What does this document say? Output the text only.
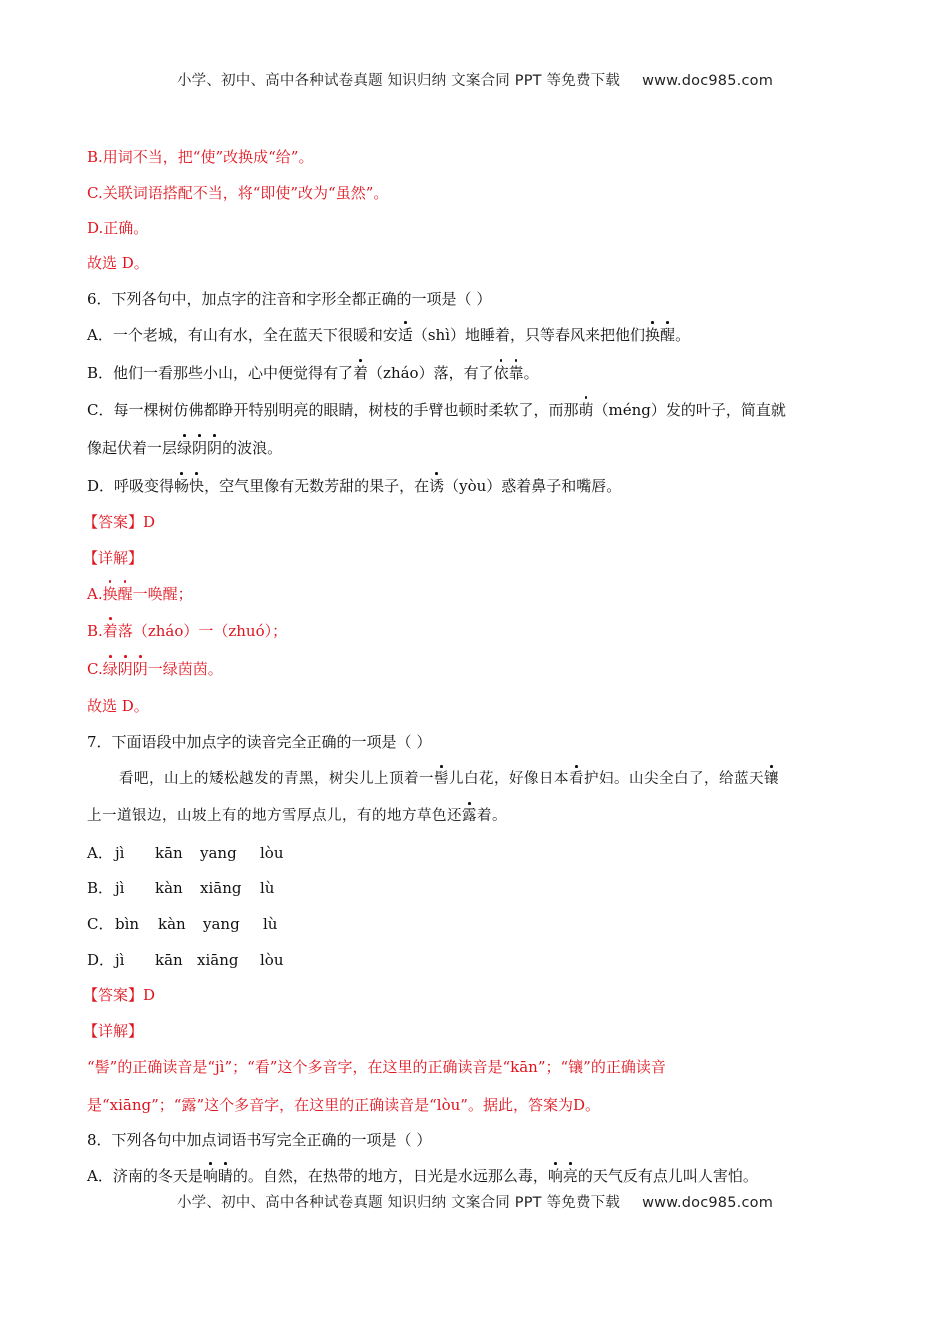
小学、初中、高中各种试卷真题 知识归纳 文案合同 PPT 等免费下载 www.doc985.com
B.用词不当，把“使”改换成“给”。
C.关联词语搭配不当，将“即使”改为“虽然”。
D.正确。
故选 D。
6．下列各句中，加点字的注音和字形全都正确的一项是（ ）
A．一个老城，有山有水，全在蓝天下很暖和安适（shì）地睡着，只等春风来把他们换醒。
B．他们一看那些小山，心中便觉得有了着（zháo）落，有了依靠。
C．每一棵树仿佛都睁开特别明亮的眼睛，树枝的手臂也顿时柔软了，而那萌（méng）发的叶子，简直就
像起伏着一层绿阴阴的波浪。
D．呼吸变得畅快，空气里像有无数芳甜的果子，在诱（yòu）惑着鼻子和嘴唇。
【答案】D
【详解】
A.换醒一唤醒；
B.着落（zháo）一（zhuó）；
C.绿阴阴一绿茵茵。
故选 D。
7．下面语段中加点字的读音完全正确的一项是（ ）
看吧，山上的矮松越发的青黑，树尖儿上顶着一髻儿白花，好像日本看护妇。山尖全白了，给蓝天镶
上一道银边，山坡上有的地方雪厚点儿，有的地方草色还露着。
A． jì kān yang lòu
B． jì kàn xiāng lù
C． bìn kàn yang lù
D．jì kān xiāng lòu
【答案】D
【详解】
“髻”的正确读音是“jì”；“看”这个多音字，在这里的正确读音是“kān”；“镶”的正确读音
是“xiāng”；“露”这个多音字，在这里的正确读音是“lòu”。据此，答案为D。
8．下列各句中加点词语书写完全正确的一项是（ ）
A．济南的冬天是响睛的。自然，在热带的地方，日光是水远那么毒，响亮的天气反有点儿叫人害怕。
小学、初中、高中各种试卷真题 知识归纳 文案合同 PPT 等免费下载 www.doc985.com
